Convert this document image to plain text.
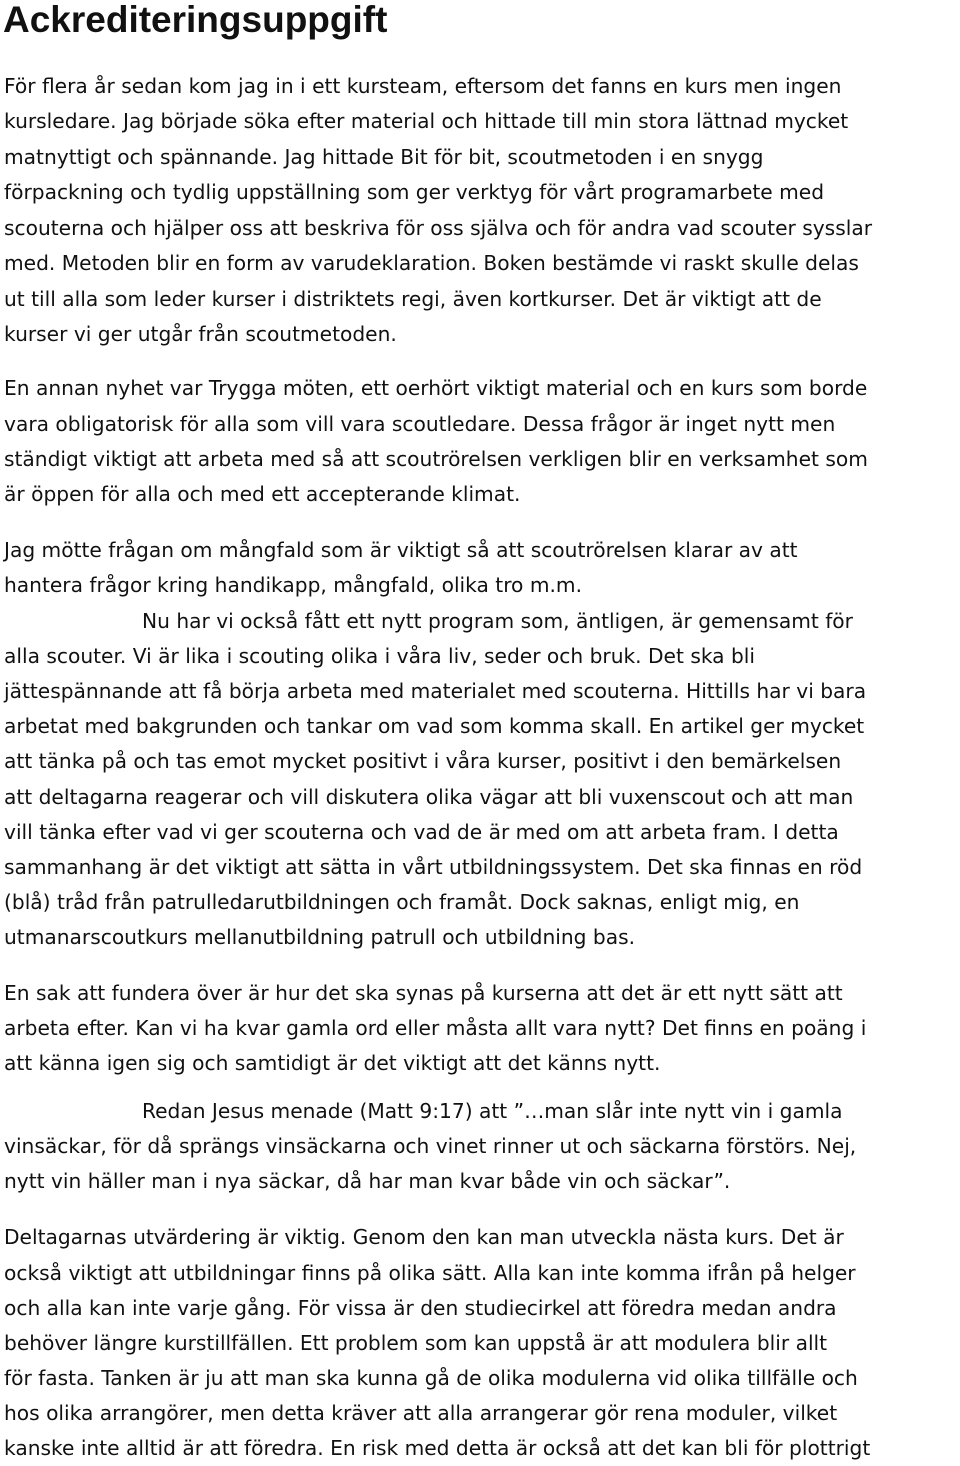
Ackrediteringsuppgift

För flera år sedan kom jag in i ett kursteam, eftersom det fanns en kurs men ingen

kursledare. Jag började söka efter material och hittade till min stora lättnad mycket

matnyttigt och spännande. Jag hittade Bit för bit, scoutmetoden i en snygg

förpackning och tydlig uppställning som ger verktyg för vårt programarbete med

scouterna och hjälper oss att beskriva för oss själva och för andra vad scouter sysslar

med. Metoden blir en form av varudeklaration. Boken bestämde vi raskt skulle delas

ut till alla som leder kurser i distriktets regi, även kortkurser. Det är viktigt att de

kurser vi ger utgår från scoutmetoden.

En annan nyhet var Trygga möten, ett oerhört viktigt material och en kurs som borde

vara obligatorisk för alla som vill vara scoutledare. Dessa frågor är inget nytt men

ständigt viktigt att arbeta med så att scoutrörelsen verkligen blir en verksamhet som

är öppen för alla och med ett accepterande klimat.

Jag mötte frågan om mångfald som är viktigt så att scoutrörelsen klarar av att

hantera frågor kring handikapp, mångfald, olika tro m.m.

Nu har vi också fått ett nytt program som, äntligen, är gemensamt för

alla scouter. Vi är lika i scouting olika i våra liv, seder och bruk. Det ska bli

jättespännande att få börja arbeta med materialet med scouterna. Hittills har vi bara

arbetat med bakgrunden och tankar om vad som komma skall. En artikel ger mycket

att tänka på och tas emot mycket positivt i våra kurser, positivt i den bemärkelsen

att deltagarna reagerar och vill diskutera olika vägar att bli vuxenscout och att man

vill tänka efter vad vi ger scouterna och vad de är med om att arbeta fram. I detta

sammanhang är det viktigt att sätta in vårt utbildningssystem. Det ska finnas en röd

(blå) tråd från patrulledarutbildningen och framåt. Dock saknas, enligt mig, en

utmanarscoutkurs mellanutbildning patrull och utbildning bas.

En sak att fundera över är hur det ska synas på kurserna att det är ett nytt sätt att

arbeta efter. Kan vi ha kvar gamla ord eller måsta allt vara nytt? Det finns en poäng i

att känna igen sig och samtidigt är det viktigt att det känns nytt.

Redan Jesus menade (Matt 9:17) att ”…man slår inte nytt vin i gamla

vinsäckar, för då sprängs vinsäckarna och vinet rinner ut och säckarna förstörs. Nej,

nytt vin häller man i nya säckar, då har man kvar både vin och säckar”.

Deltagarnas utvärdering är viktig. Genom den kan man utveckla nästa kurs. Det är

också viktigt att utbildningar finns på olika sätt. Alla kan inte komma ifrån på helger

och alla kan inte varje gång. För vissa är den studiecirkel att föredra medan andra

behöver längre kurstillfällen. Ett problem som kan uppstå är att modulera blir allt

för fasta. Tanken är ju att man ska kunna gå de olika modulerna vid olika tillfälle och

hos olika arrangörer, men detta kräver att alla arrangerar gör rena moduler, vilket

kanske inte alltid är att föredra. En risk med detta är också att det kan bli för plottrigt
